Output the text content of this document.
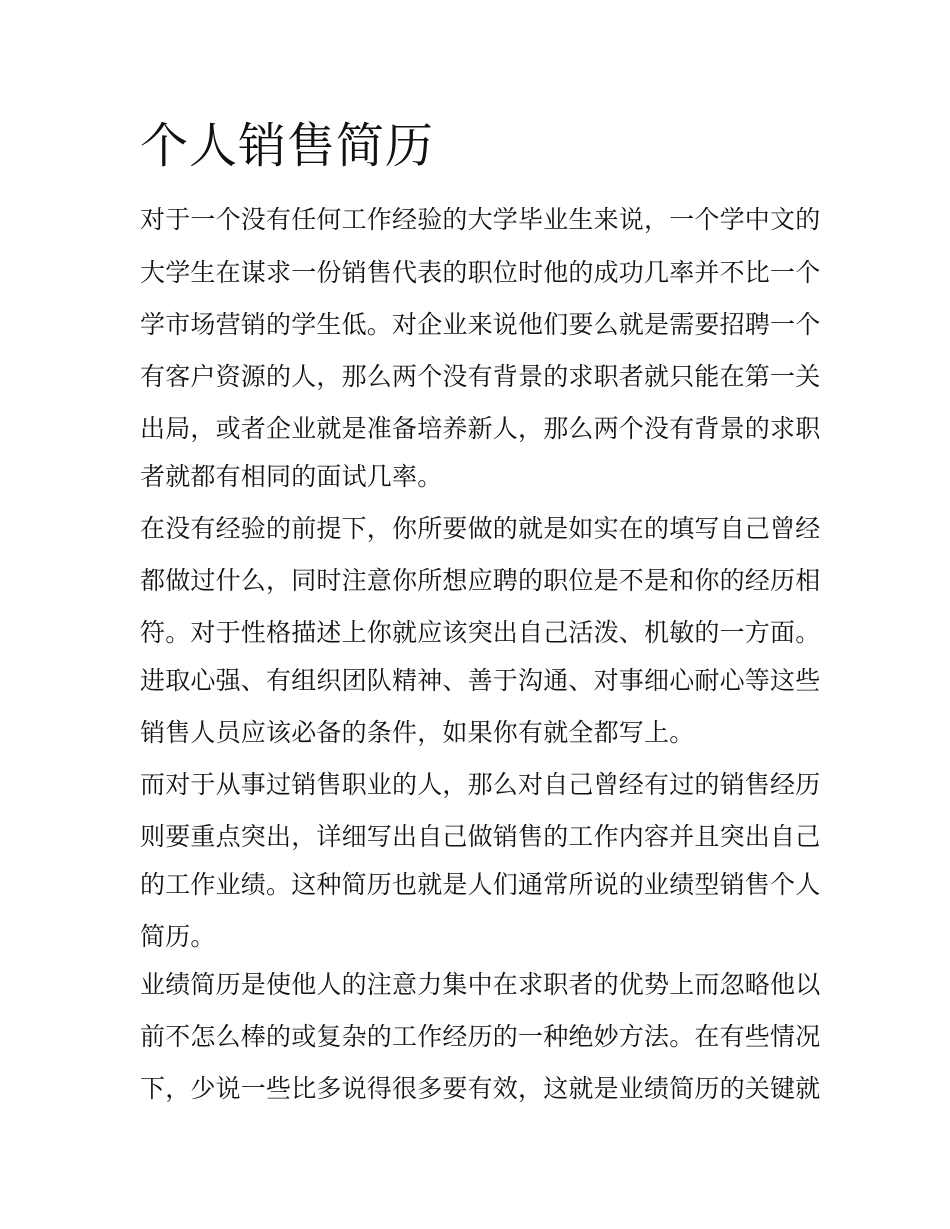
个人销售简历

对于一个没有任何工作经验的大学毕业生来说，一个学中文的

大学生在谋求一份销售代表的职位时他的成功几率并不比一个

学市场营销的学生低。对企业来说他们要么就是需要招聘一个

有客户资源的人，那么两个没有背景的求职者就只能在第一关

出局，或者企业就是准备培养新人，那么两个没有背景的求职

者就都有相同的面试几率。

在没有经验的前提下，你所要做的就是如实在的填写自己曾经

都做过什么，同时注意你所想应聘的职位是不是和你的经历相

符。对于性格描述上你就应该突出自己活泼、机敏的一方面。

进取心强、有组织团队精神、善于沟通、对事细心耐心等这些

销售人员应该必备的条件，如果你有就全都写上。

而对于从事过销售职业的人，那么对自己曾经有过的销售经历

则要重点突出，详细写出自己做销售的工作内容并且突出自己

的工作业绩。这种简历也就是人们通常所说的业绩型销售个人

简历。

业绩简历是使他人的注意力集中在求职者的优势上而忽略他以

前不怎么棒的或复杂的工作经历的一种绝妙方法。在有些情况

下，少说一些比多说得很多要有效，这就是业绩简历的关键就
